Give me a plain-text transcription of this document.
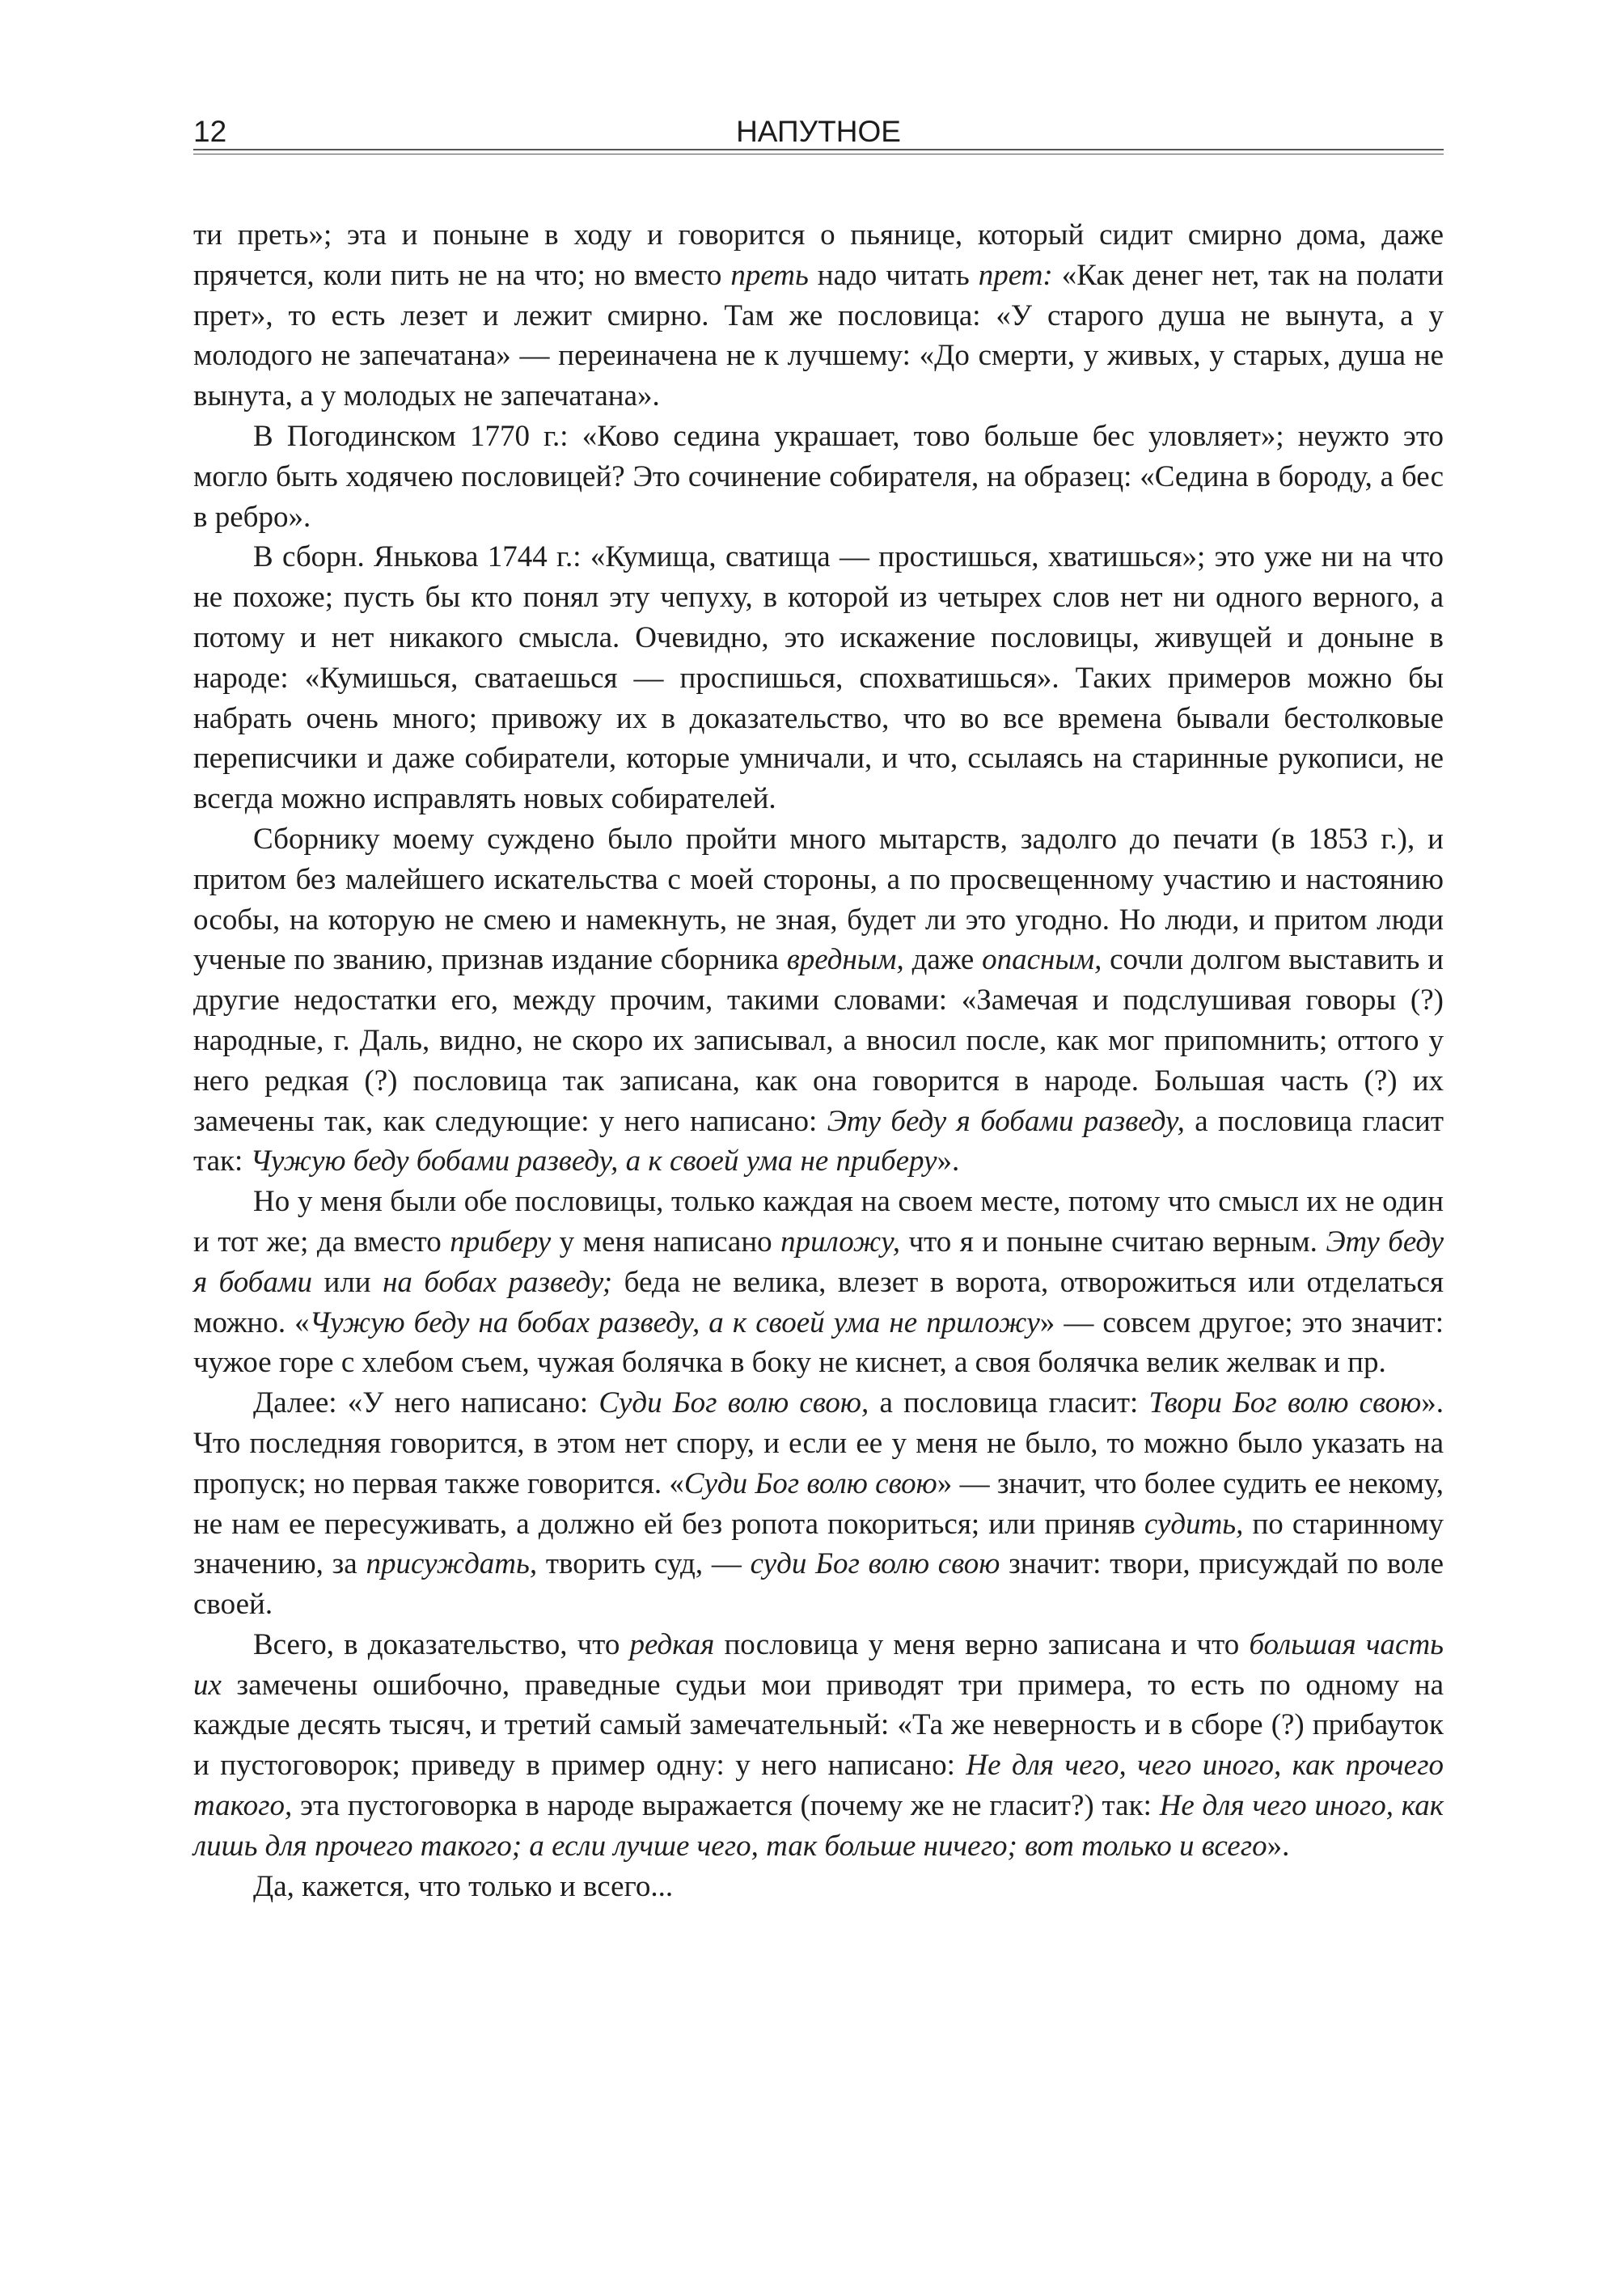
12	НАПУТНОЕ

ти преть»; эта и поныне в ходу и говорится о пьянице, который сидит смирно дома, даже прячется, коли пить не на что; но вместо преть надо читать прет: «Как денег нет, так на полати прет», то есть лезет и лежит смирно. Там же пословица: «У старого душа не вынута, а у молодого не запечатана» — переиначена не к лучшему: «До смерти, у живых, у старых, душа не вынута, а у молодых не запечатана».

В Погодинском 1770 г.: «Ково седина украшает, тово больше бес уловляет»; неужто это могло быть ходячею пословицей? Это сочинение собирателя, на образец: «Седина в бороду, а бес в ребро».

В сборн. Янькова 1744 г.: «Кумища, сватища — простишься, хватишься»; это уже ни на что не похоже; пусть бы кто понял эту чепуху, в которой из четырех слов нет ни одного верного, а потому и нет никакого смысла. Очевидно, это искажение пословицы, живущей и доныне в народе: «Кумишься, сватаешься — проспишься, спохватишься». Таких примеров можно бы набрать очень много; привожу их в доказательство, что во все времена бывали бестолковые переписчики и даже собиратели, которые умничали, и что, ссылаясь на старинные рукописи, не всегда можно исправлять новых собирателей.

Сборнику моему суждено было пройти много мытарств, задолго до печати (в 1853 г.), и притом без малейшего искательства с моей стороны, а по просвещенному участию и настоянию особы, на которую не смею и намекнуть, не зная, будет ли это угодно. Но люди, и притом люди ученые по званию, признав издание сборника вредным, даже опасным, сочли долгом выставить и другие недостатки его, между прочим, такими словами: «Замечая и подслушивая говоры (?) народные, г. Даль, видно, не скоро их записывал, а вносил после, как мог припомнить; оттого у него редкая (?) пословица так записана, как она говорится в народе. Большая часть (?) их замечены так, как следующие: у него написано: Эту беду я бобами разведу, а пословица гласит так: Чужую беду бобами разведу, а к своей ума не приберу».

Но у меня были обе пословицы, только каждая на своем месте, потому что смысл их не один и тот же; да вместо приберу у меня написано приложу, что я и поныне считаю верным. Эту беду я бобами или на бобах разведу; беда не велика, влезет в ворота, отворожиться или отделаться можно. «Чужую беду на бобах разведу, а к своей ума не приложу» — совсем другое; это значит: чужое горе с хлебом съем, чужая болячка в боку не киснет, а своя болячка велик желвак и пр.

Далее: «У него написано: Суди Бог волю свою, а пословица гласит: Твори Бог волю свою». Что последняя говорится, в этом нет спору, и если ее у меня не было, то можно было указать на пропуск; но первая также говорится. «Суди Бог волю свою» — значит, что более судить ее некому, не нам ее пересуживать, а должно ей без ропота покориться; или приняв судить, по старинному значению, за присуждать, творить суд, — суди Бог волю свою значит: твори, присуждай по воле своей.

Всего, в доказательство, что редкая пословица у меня верно записана и что большая часть их замечены ошибочно, праведные судьи мои приводят три примера, то есть по одному на каждые десять тысяч, и третий самый замечательный: «Та же неверность и в сборе (?) прибауток и пустоговорок; приведу в пример одну: у него написано: Не для чего, чего иного, как прочего такого, эта пустоговорка в народе выражается (почему же не гласит?) так: Не для чего иного, как лишь для прочего такого; а если лучше чего, так больше ничего; вот только и всего».

Да, кажется, что только и всего...
